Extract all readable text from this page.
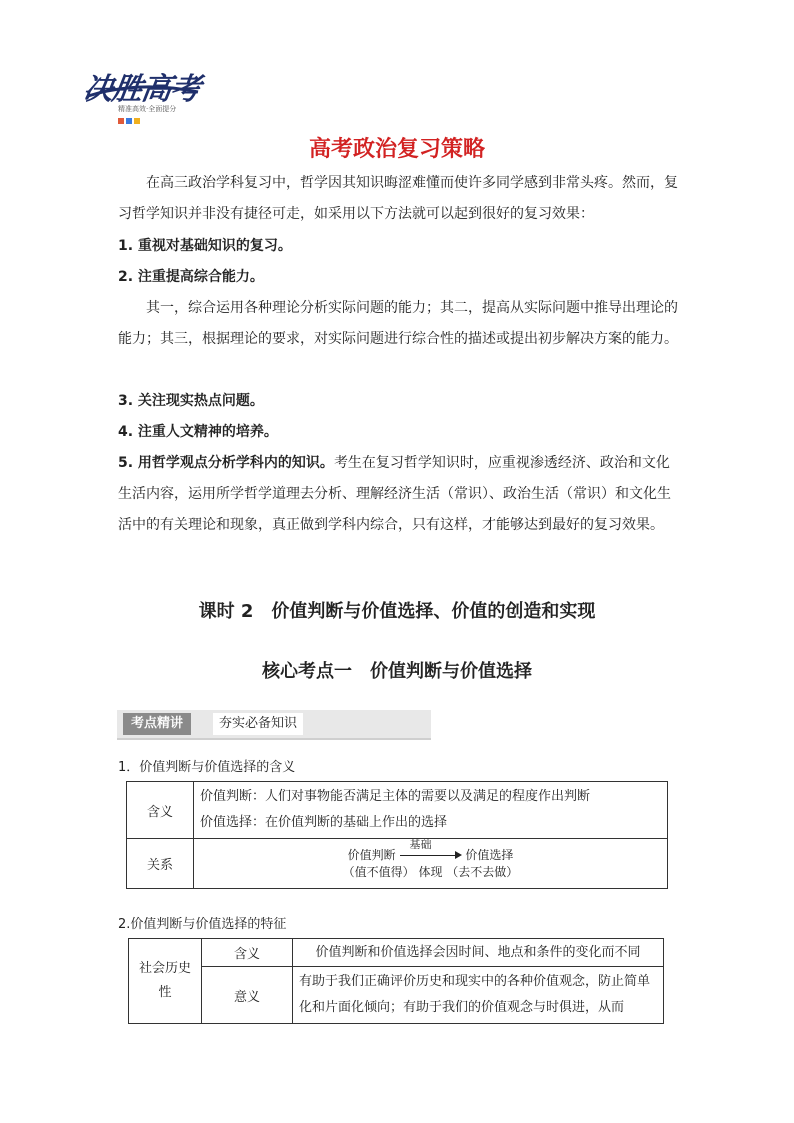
决胜高考
精准高效·全面提分
高考政治复习策略

在高三政治学科复习中，哲学因其知识晦涩难懂而使许多同学感到非常头疼。然而，复习哲学知识并非没有捷径可走，如采用以下方法就可以起到很好的复习效果：

1. 重视对基础知识的复习。
2. 注重提高综合能力。

其一，综合运用各种理论分析实际问题的能力；其二，提高从实际问题中推导出理论的能力；其三，根据理论的要求，对实际问题进行综合性的描述或提出初步解决方案的能力。

3. 关注现实热点问题。
4. 注重人文精神的培养。

5. 用哲学观点分析学科内的知识。考生在复习哲学知识时，应重视渗透经济、政治和文化生活内容，运用所学哲学道理去分析、理解经济生活（常识）、政治生活（常识）和文化生活中的有关理论和现象，真正做到学科内综合，只有这样，才能够达到最好的复习效果。

课时 2　价值判断与价值选择、价值的创造和实现
核心考点一　价值判断与价值选择
考点精讲	夯实必备知识
1．价值判断与价值选择的含义
含义	价值判断：人们对事物能否满足主体的需要以及满足的程度作出判断
价值选择：在价值判断的基础上作出的选择

关系	价值判断
基础
价值选择
（值不值得） 体现 （去不去做）
2.价值判断与价值选择的特征
社会历史性	含义	价值判断和价值选择会因时间、地点和条件的变化而不同
	意义	有助于我们正确评价历史和现实中的各种价值观念，防止简单化和片面化倾向；有助于我们的价值观念与时俱进，从而
